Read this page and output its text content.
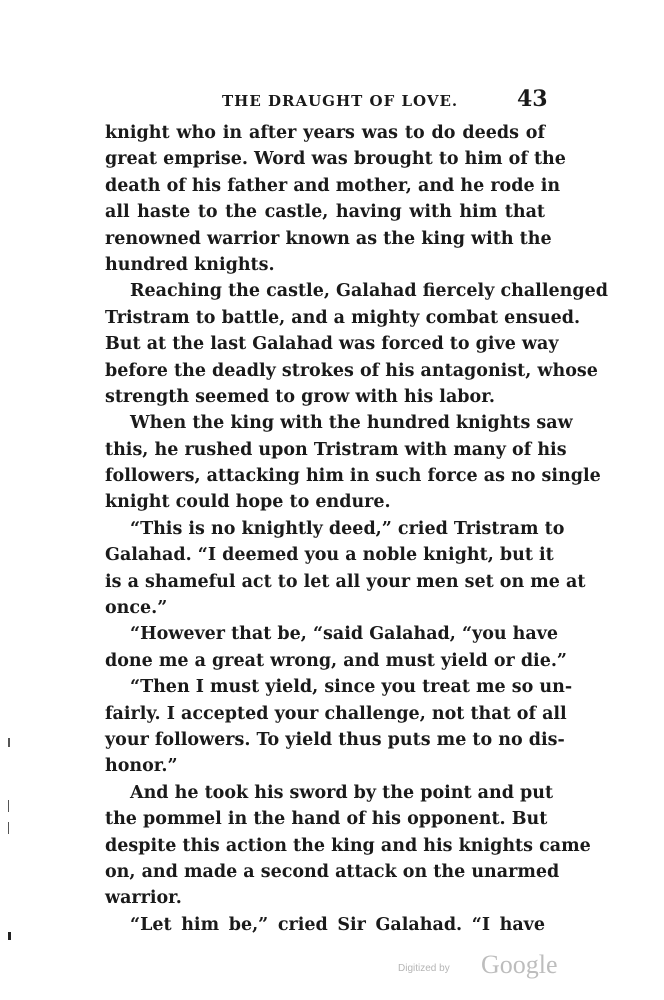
THE DRAUGHT OF LOVE.	43
knight who in after years was to do deeds of
great emprise. Word was brought to him of the
death of his father and mother, and he rode in
all haste to the castle, having with him that
renowned warrior known as the king with the
hundred knights.
Reaching the castle, Galahad fiercely challenged
Tristram to battle, and a mighty combat ensued.
But at the last Galahad was forced to give way
before the deadly strokes of his antagonist, whose
strength seemed to grow with his labor.
When the king with the hundred knights saw
this, he rushed upon Tristram with many of his
followers, attacking him in such force as no single
knight could hope to endure.
“This is no knightly deed,” cried Tristram to
Galahad. “I deemed you a noble knight, but it
is a shameful act to let all your men set on me at
once.”
“However that be, “said Galahad, “you have
done me a great wrong, and must yield or die.”
“Then I must yield, since you treat me so un-
fairly. I accepted your challenge, not that of all
your followers. To yield thus puts me to no dis-
honor.”
And he took his sword by the point and put
the pommel in the hand of his opponent. But
despite this action the king and his knights came
on, and made a second attack on the unarmed
warrior.
“Let him be,” cried Sir Galahad. “I have
Digitized by Google
